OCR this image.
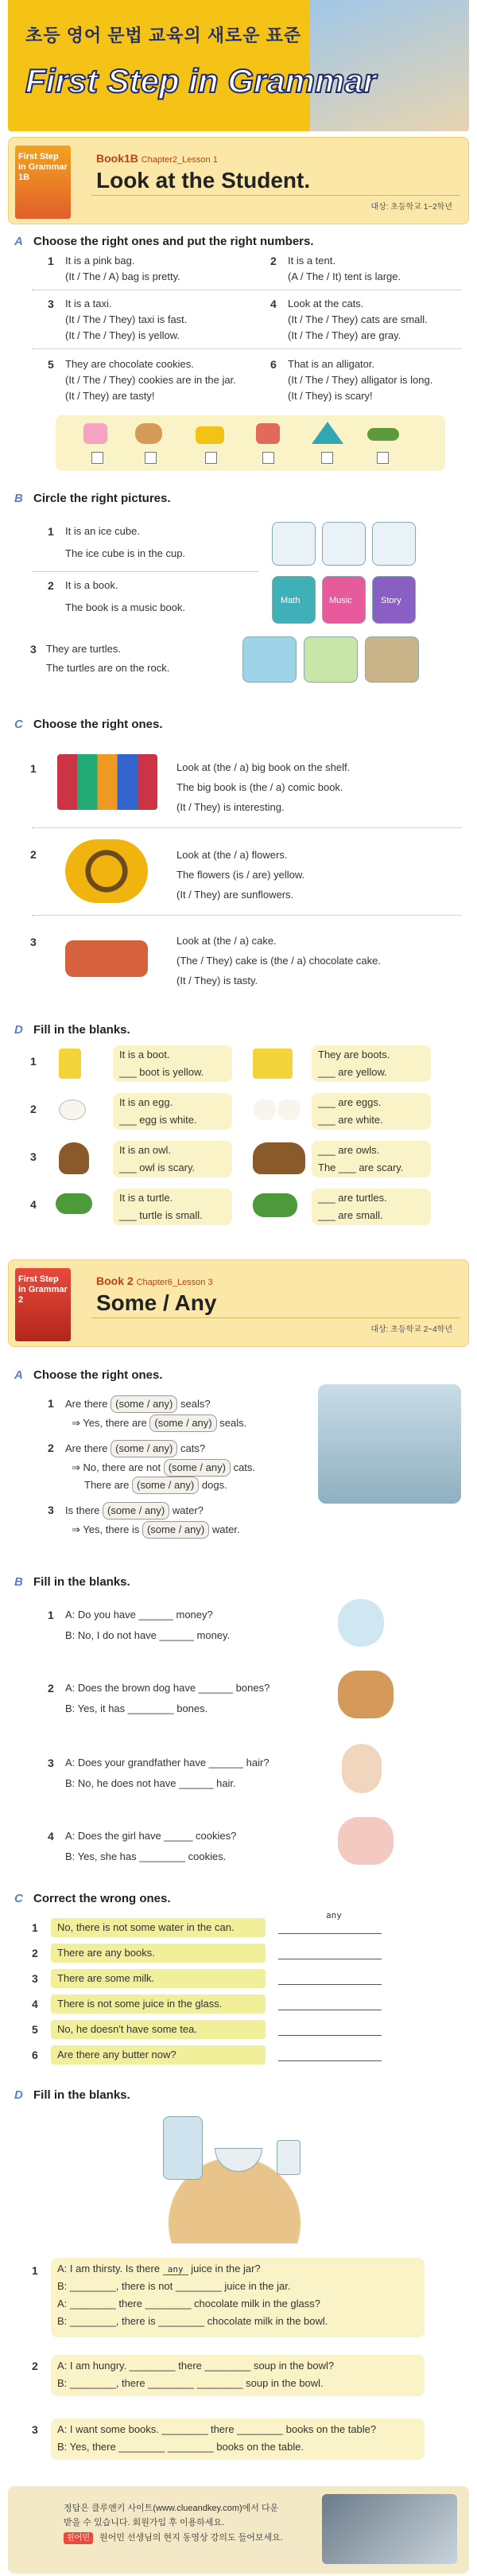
초등 영어 문법 교육의 새로운 표준
First Step in Grammar
First Step in Grammar 1B
Book1B Chapter2_Lesson 1
Look at the Student.
대상: 초등학교 1~2학년
A Choose the right ones and put the right numbers.
1 It is a pink bag.
(It / The / A) bag is pretty.
2 It is a tent.
(A / The / It) tent is large.
3 It is a taxi.
(It / The / They) taxi is fast.
(It / The / They) is yellow.
4 Look at the cats.
(It / The / They) cats are small.
(It / The / They) are gray.
5 They are chocolate cookies.
(It / The / They) cookies are in the jar.
(It / They) are tasty!
6 That is an alligator.
(It / The / They) alligator is long.
(It / They) is scary!
B Circle the right pictures.
1 It is an ice cube.
The ice cube is in the cup.
2 It is a book.
The book is a music book.
Math	Music	Story
3 They are turtles.
The turtles are on the rock.
C Choose the right ones.
1	Look at (the / a) big book on the shelf.
The big book is (the / a) comic book.
(It / They) is interesting.
2	Look at (the / a) flowers.
The flowers (is / are) yellow.
(It / They) are sunflowers.
3	Look at (the / a) cake.
(The / They) cake is (the / a) chocolate cake.
(It / They) is tasty.
D Fill in the blanks.
1
It is a boot.
___ boot is yellow.
They are boots.
___ are yellow.
2
It is an egg.
___ egg is white.
___ are eggs.
___ are white.
3
It is an owl.
___ owl is scary.
___ are owls.
The ___ are scary.
4
It is a turtle.
___ turtle is small.
___ are turtles.
___ are small.
First Step in Grammar 2
Book 2 Chapter6_Lesson 3
Some / Any
대상: 초등학교 2~4학년
A Choose the right ones.
1 Are there (some / any) seals?
⇒ Yes, there are (some / any) seals.
2 Are there (some / any) cats?
⇒ No, there are not (some / any) cats.
There are (some / any) dogs.
3 Is there (some / any) water?
⇒ Yes, there is (some / any) water.
B Fill in the blanks.
1 A: Do you have ______ money?
B: No, I do not have ______ money.
2 A: Does the brown dog have ______ bones?
B: Yes, it has ________ bones.
3 A: Does your grandfather have ______ hair?
B: No, he does not have ______ hair.
4 A: Does the girl have _____ cookies?
B: Yes, she has ________ cookies.
C Correct the wrong ones.
1	No, there is not some water in the can.
any
2	There are any books.
3	There are some milk.
4	There is not some juice in the glass.
5	No, he doesn't have some tea.
6	Are there any butter now?
D Fill in the blanks.
1 A: I am thirsty. Is there any juice in the jar?
B: ________, there is not ________ juice in the jar.
A: ________ there ________ chocolate milk in the glass?
B: ________, there is ________ chocolate milk in the bowl.
2 A: I am hungry. ________ there ________ soup in the bowl?
B: ________, there ________ ________ soup in the bowl.
3 A: I want some books. ________ there ________ books on the table?
B: Yes, there ________ ________ books on the table.
정답은 클루앤키 사이트(www.clueandkey.com)에서 다운
받을 수 있습니다. 회원가입 후 이용하세요.
원어민	원어민 선생님의 현지 동영상 강의도 들어보세요.
